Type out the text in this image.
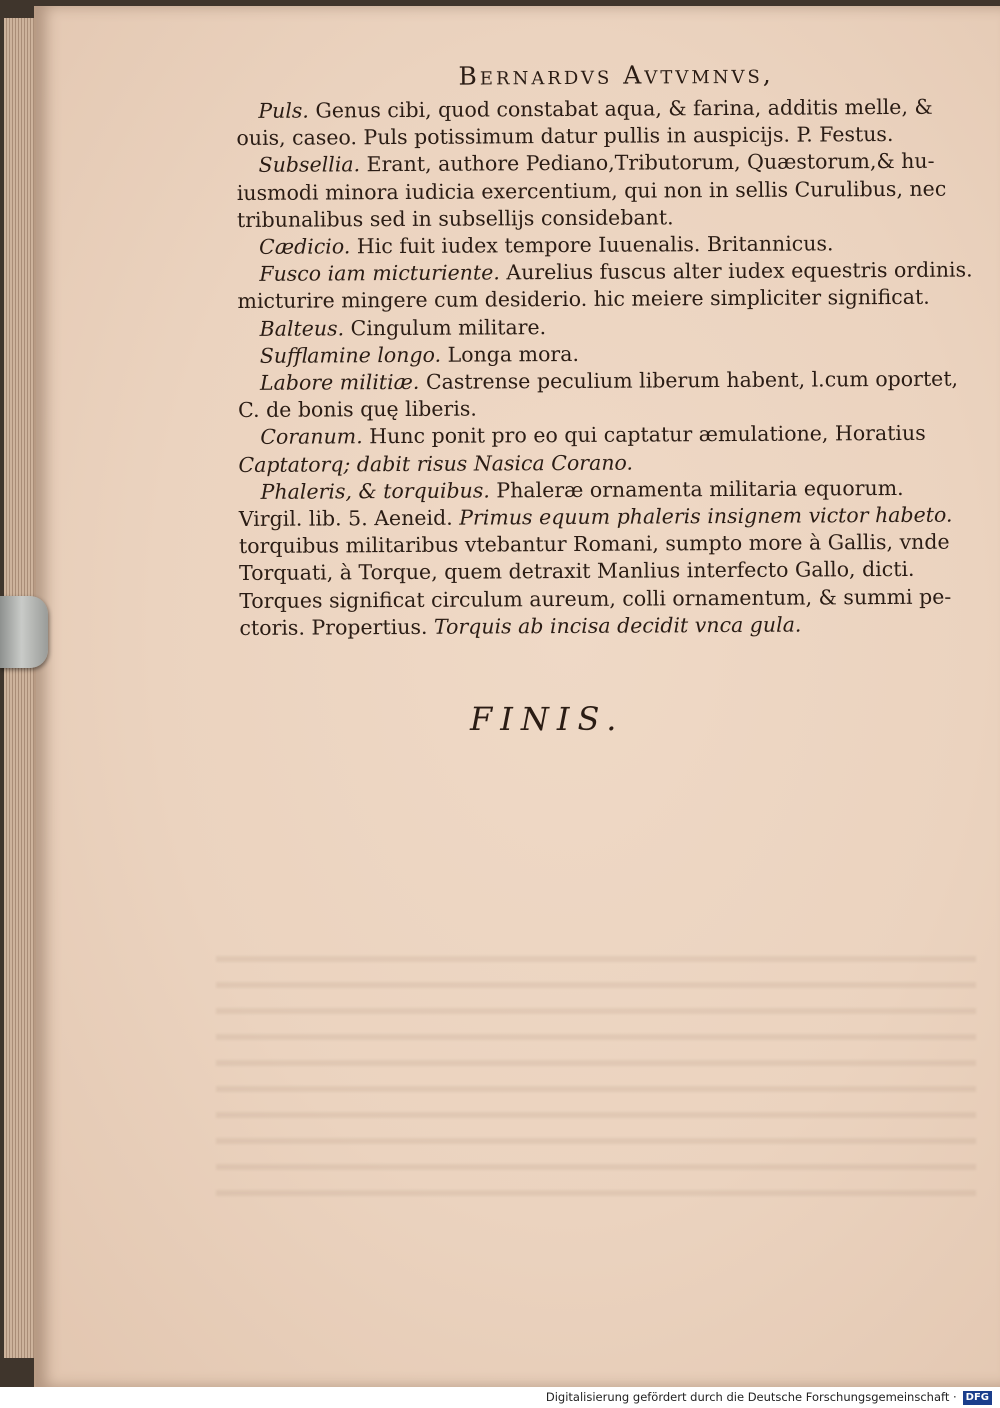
Bernardvs Avtvmnvs,
Puls. Genus cibi, quod constabat aqua, & farina, additis melle, &
ouis, caseo. Puls potissimum datur pullis in auspicijs. P. Festus.
Subsellia. Erant, authore Pediano,Tributorum, Quæstorum,& hu-
iusmodi minora iudicia exercentium, qui non in sellis Curulibus, nec
tribunalibus sed in subsellijs considebant.
Cædicio. Hic fuit iudex tempore Iuuenalis. Britannicus.
Fusco iam micturiente. Aurelius fuscus alter iudex equestris ordinis.
micturire mingere cum desiderio. hic meiere simpliciter significat.
Balteus. Cingulum militare.
Sufflamine longo. Longa mora.
Labore militiæ. Castrense peculium liberum habent, l.cum oportet,
C. de bonis quę liberis.
Coranum. Hunc ponit pro eo qui captatur æmulatione, Horatius
Captatorq; dabit risus Nasica Corano.
Phaleris, & torquibus. Phaleræ ornamenta militaria equorum.
Virgil. lib. 5. Aeneid. Primus equum phaleris insignem victor habeto.
torquibus militaribus vtebantur Romani, sumpto more à Gallis, vnde
Torquati, à Torque, quem detraxit Manlius interfecto Gallo, dicti.
Torques significat circulum aureum, colli ornamentum, & summi pe-
ctoris. Propertius. Torquis ab incisa decidit vnca gula.
FINIS.
Digitalisierung gefördert durch die Deutsche Forschungsgemeinschaft · DFG
